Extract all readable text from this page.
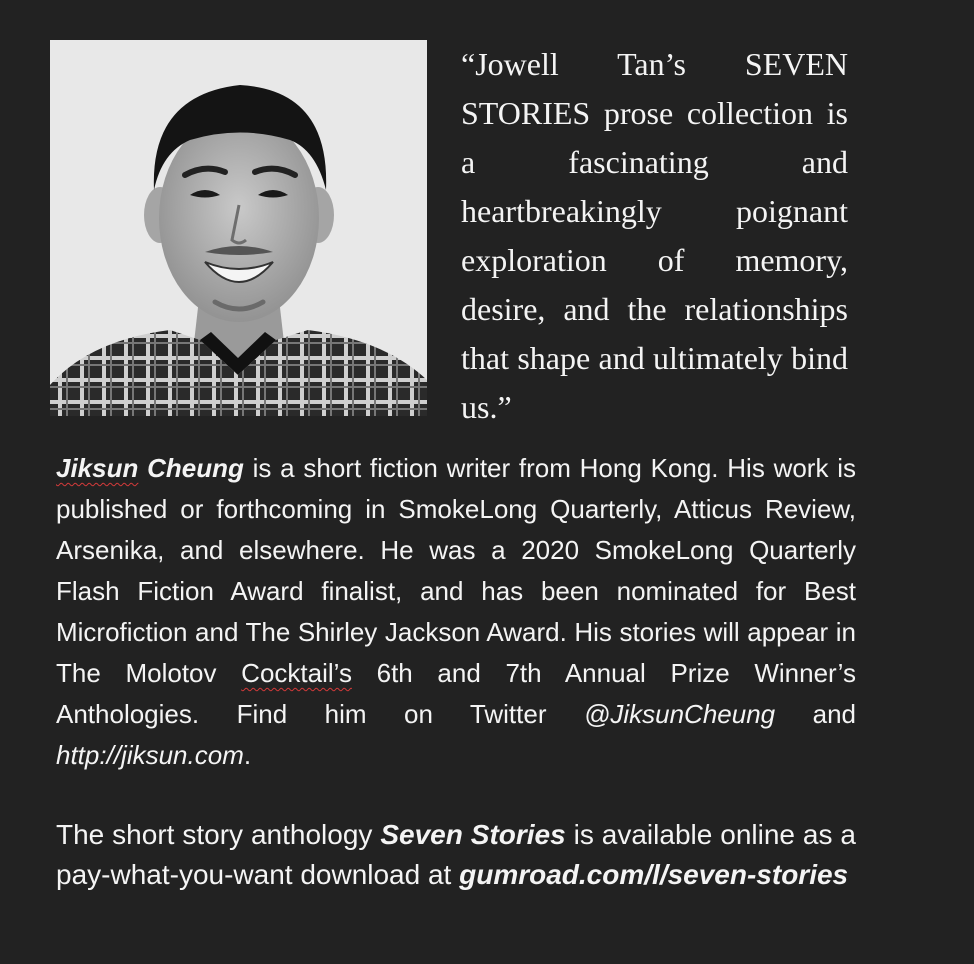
“Jowell Tan’s SEVEN STORIES prose collection is a fascinating and heartbreakingly poignant exploration of memory, desire, and the relationships that shape and ultimately bind us.”

Jiksun Cheung is a short fiction writer from Hong Kong. His work is published or forthcoming in SmokeLong Quarterly, Atticus Review, Arsenika, and elsewhere. He was a 2020 SmokeLong Quarterly Flash Fiction Award finalist, and has been nominated for Best Microfiction and The Shirley Jackson Award. His stories will appear in The Molotov Cocktail’s 6th and 7th Annual Prize Winner’s Anthologies. Find him on Twitter @JiksunCheung and http://jiksun.com.

The short story anthology Seven Stories is available online as a pay-what-you-want download at gumroad.com/l/seven-stories
